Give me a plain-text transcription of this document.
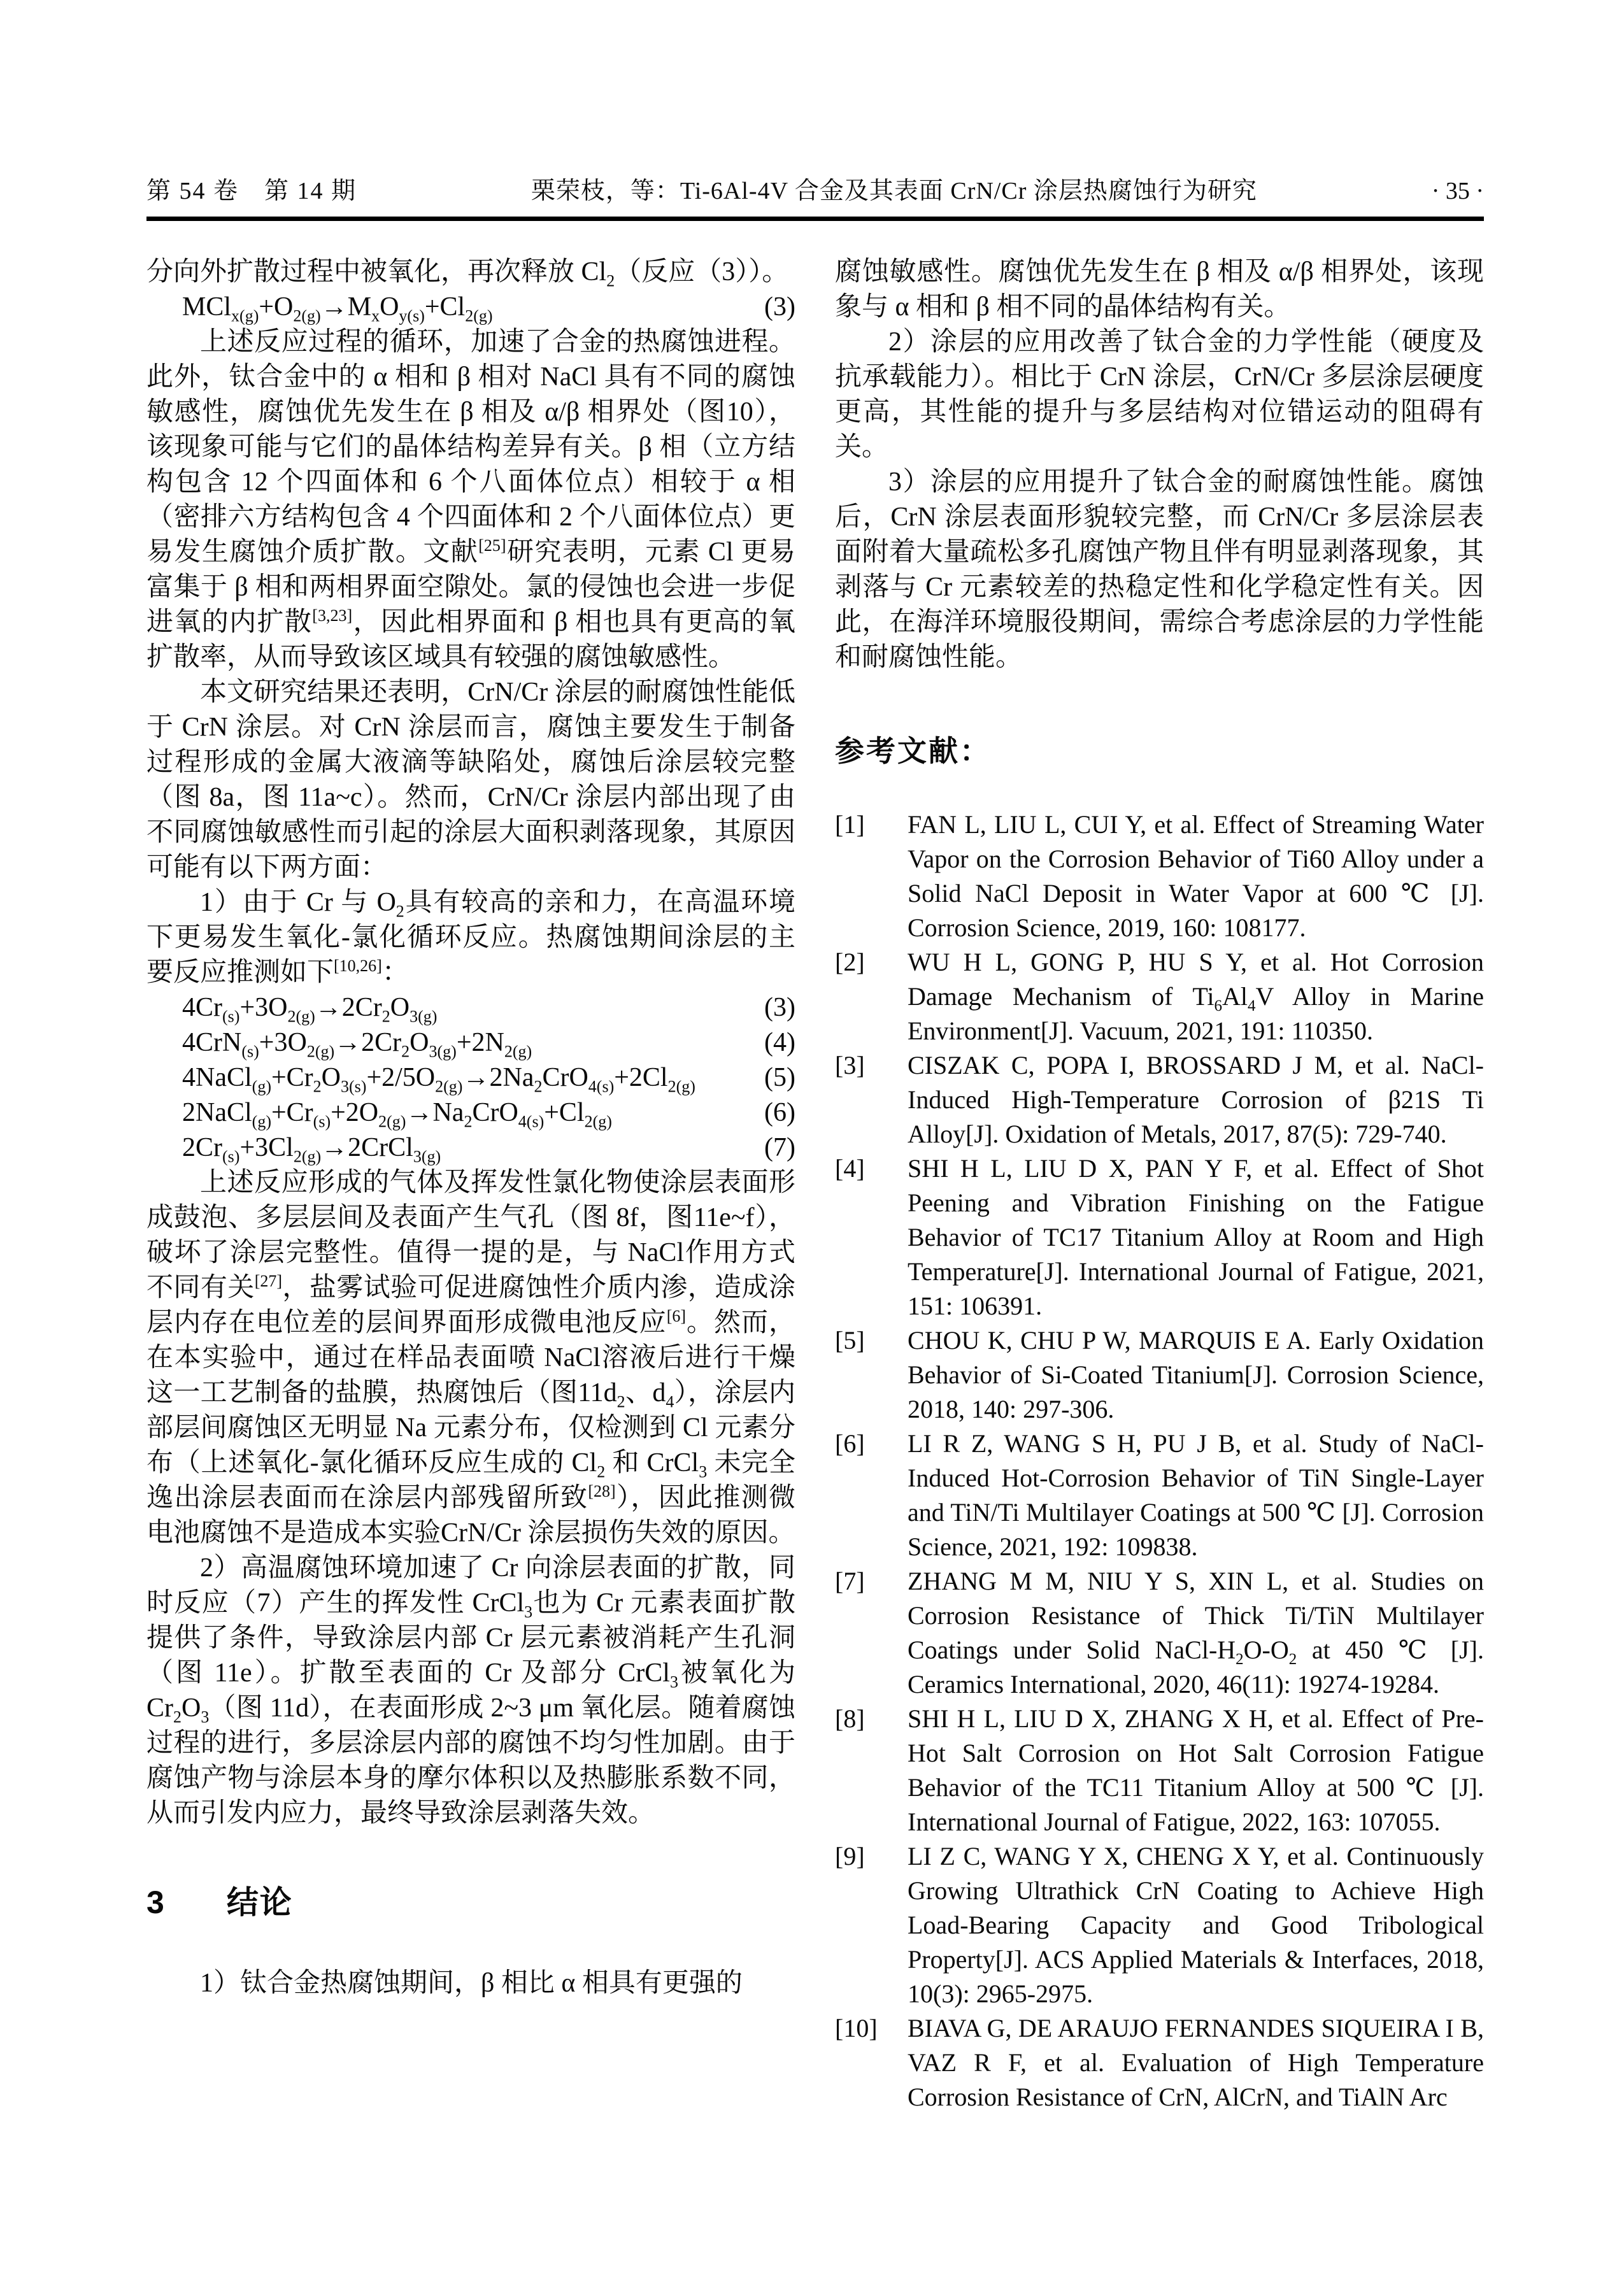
第 54 卷　第 14 期	栗荣枝，等：Ti-6Al-4V 合金及其表面 CrN/Cr 涂层热腐蚀行为研究	· 35 ·

分向外扩散过程中被氧化，再次释放 $Cl_2$（反应（3））。

$MCl_{x(g)}+O_{2(g)}\to M_xO_{y(s)}+Cl_{2(g)}$	(3)

上述反应过程的循环，加速了合金的热腐蚀进程。此外，钛合金中的 α 相和 β 相对 NaCl 具有不同的腐蚀敏感性，腐蚀优先发生在 β 相及 α/β 相界处（图10），该现象可能与它们的晶体结构差异有关。β 相（立方结构包含 12 个四面体和 6 个八面体位点）相较于 α 相（密排六方结构包含 4 个四面体和 2 个八面体位点）更易发生腐蚀介质扩散。文献[25]研究表明，元素 Cl 更易富集于 β 相和两相界面空隙处。氯的侵蚀也会进一步促进氧的内扩散[3,23]，因此相界面和 β 相也具有更高的氧扩散率，从而导致该区域具有较强的腐蚀敏感性。

本文研究结果还表明，CrN/Cr 涂层的耐腐蚀性能低于 CrN 涂层。对 CrN 涂层而言，腐蚀主要发生于制备过程形成的金属大液滴等缺陷处，腐蚀后涂层较完整（图 8a，图 11a~c）。然而，CrN/Cr 涂层内部出现了由不同腐蚀敏感性而引起的涂层大面积剥落现象，其原因可能有以下两方面：

1）由于 Cr 与 $O_2$具有较高的亲和力，在高温环境下更易发生氧化-氯化循环反应。热腐蚀期间涂层的主要反应推测如下[10,26]：

$4Cr_{(s)}+3O_{2(g)}\to 2Cr_2O_{3(g)}$	(3)
$4CrN_{(s)}+3O_{2(g)}\to 2Cr_2O_{3(g)}+2N_{2(g)}$	(4)
$4NaCl_{(g)}+Cr_2O_{3(s)}+2/5O_{2(g)}\to 2Na_2CrO_{4(s)}+2Cl_{2(g)}$	(5)
$2NaCl_{(g)}+Cr_{(s)}+2O_{2(g)}\to Na_2CrO_{4(s)}+Cl_{2(g)}$	(6)
$2Cr_{(s)}+3Cl_{2(g)}\to 2CrCl_{3(g)}$	(7)

上述反应形成的气体及挥发性氯化物使涂层表面形成鼓泡、多层层间及表面产生气孔（图 8f，图11e~f），破坏了涂层完整性。值得一提的是，与 NaCl作用方式不同有关[27]，盐雾试验可促进腐蚀性介质内渗，造成涂层内存在电位差的层间界面形成微电池反应[6]。然而，在本实验中，通过在样品表面喷 NaCl溶液后进行干燥这一工艺制备的盐膜，热腐蚀后（图$11d_2$、$d_4$），涂层内部层间腐蚀区无明显 Na 元素分布，仅检测到 Cl 元素分布（上述氧化-氯化循环反应生成的 $Cl_2$ 和 CrCl$_3$ 未完全逸出涂层表面而在涂层内部残留所致[28]），因此推测微电池腐蚀不是造成本实验CrN/Cr 涂层损伤失效的原因。

2）高温腐蚀环境加速了 Cr 向涂层表面的扩散，同时反应（7）产生的挥发性 CrCl$_3$也为 Cr 元素表面扩散提供了条件，导致涂层内部 Cr 层元素被消耗产生孔洞（图 11e）。扩散至表面的 Cr 及部分 CrCl$_3$被氧化为 $Cr_2O_3$（图 11d），在表面形成 2~3 μm 氧化层。随着腐蚀过程的进行，多层涂层内部的腐蚀不均匀性加剧。由于腐蚀产物与涂层本身的摩尔体积以及热膨胀系数不同，从而引发内应力，最终导致涂层剥落失效。

3 结论

1）钛合金热腐蚀期间，β 相比 α 相具有更强的

腐蚀敏感性。腐蚀优先发生在 β 相及 α/β 相界处，该现象与 α 相和 β 相不同的晶体结构有关。

2）涂层的应用改善了钛合金的力学性能（硬度及抗承载能力）。相比于 CrN 涂层，CrN/Cr 多层涂层硬度更高，其性能的提升与多层结构对位错运动的阻碍有关。

3）涂层的应用提升了钛合金的耐腐蚀性能。腐蚀后，CrN 涂层表面形貌较完整，而 CrN/Cr 多层涂层表面附着大量疏松多孔腐蚀产物且伴有明显剥落现象，其剥落与 Cr 元素较差的热稳定性和化学稳定性有关。因此，在海洋环境服役期间，需综合考虑涂层的力学性能和耐腐蚀性能。

参考文献：
[1]	FAN L, LIU L, CUI Y, et al. Effect of Streaming Water Vapor on the Corrosion Behavior of Ti60 Alloy under a Solid NaCl Deposit in Water Vapor at 600 ℃ [J]. Corrosion Science, 2019, 160: 108177.
[2]	WU H L, GONG P, HU S Y, et al. Hot Corrosion Damage Mechanism of $Ti_6Al_4V$ Alloy in Marine Environment[J]. Vacuum, 2021, 191: 110350.
[3]	CISZAK C, POPA I, BROSSARD J M, et al. NaCl-Induced High-Temperature Corrosion of β21S Ti Alloy[J]. Oxidation of Metals, 2017, 87(5): 729-740.
[4]	SHI H L, LIU D X, PAN Y F, et al. Effect of Shot Peening and Vibration Finishing on the Fatigue Behavior of TC17 Titanium Alloy at Room and High Temperature[J]. International Journal of Fatigue, 2021, 151: 106391.
[5]	CHOU K, CHU P W, MARQUIS E A. Early Oxidation Behavior of Si-Coated Titanium[J]. Corrosion Science, 2018, 140: 297-306.
[6]	LI R Z, WANG S H, PU J B, et al. Study of NaCl-Induced Hot-Corrosion Behavior of TiN Single-Layer and TiN/Ti Multilayer Coatings at 500 ℃ [J]. Corrosion Science, 2021, 192: 109838.
[7]	ZHANG M M, NIU Y S, XIN L, et al. Studies on Corrosion Resistance of Thick Ti/TiN Multilayer Coatings under Solid NaCl-$H_2O-O_2$ at 450 ℃ [J]. Ceramics International, 2020, 46(11): 19274-19284.
[8]	SHI H L, LIU D X, ZHANG X H, et al. Effect of Pre-Hot Salt Corrosion on Hot Salt Corrosion Fatigue Behavior of the TC11 Titanium Alloy at 500 ℃ [J]. International Journal of Fatigue, 2022, 163: 107055.
[9]	LI Z C, WANG Y X, CHENG X Y, et al. Continuously Growing Ultrathick CrN Coating to Achieve High Load-Bearing Capacity and Good Tribological Property[J]. ACS Applied Materials & Interfaces, 2018, 10(3): 2965-2975.
[10]	BIAVA G, DE ARAUJO FERNANDES SIQUEIRA I B, VAZ R F, et al. Evaluation of High Temperature Corrosion Resistance of CrN, AlCrN, and TiAlN Arc
